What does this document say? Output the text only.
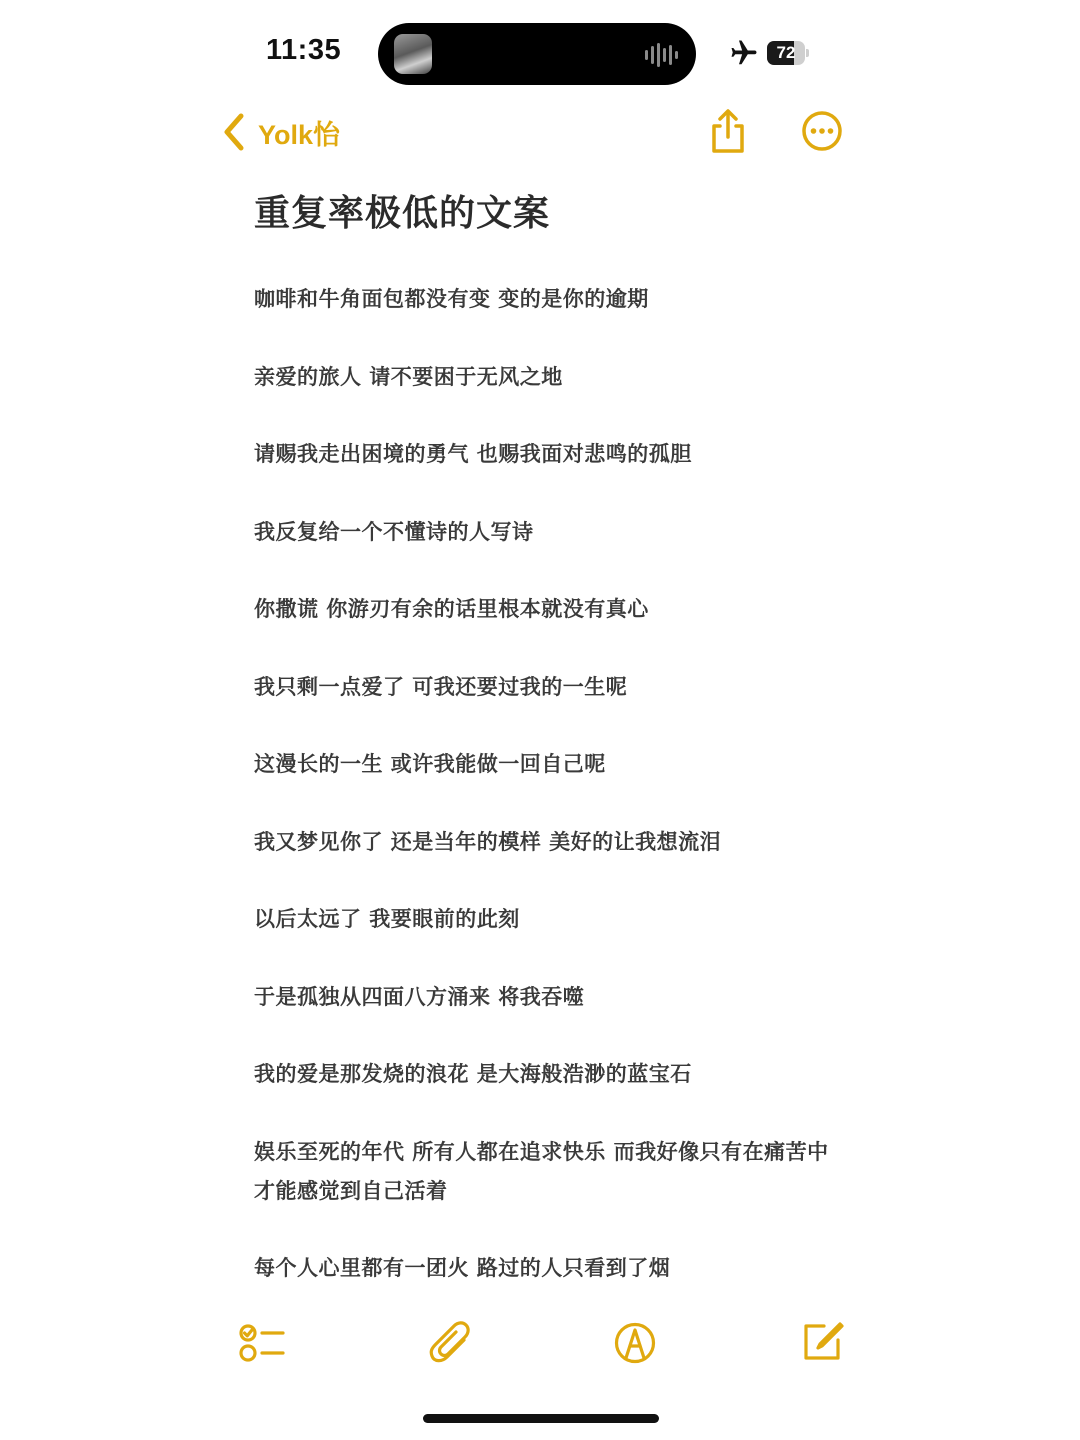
11:35	72
Yolk怡
重复率极低的文案

咖啡和牛角面包都没有变 变的是你的逾期

亲爱的旅人 请不要困于无风之地

请赐我走出困境的勇气 也赐我面对悲鸣的孤胆

我反复给一个不懂诗的人写诗

你撒谎 你游刃有余的话里根本就没有真心

我只剩一点爱了 可我还要过我的一生呢

这漫长的一生 或许我能做一回自己呢

我又梦见你了 还是当年的模样 美好的让我想流泪

以后太远了 我要眼前的此刻

于是孤独从四面八方涌来 将我吞噬

我的爱是那发烧的浪花 是大海般浩渺的蓝宝石

娱乐至死的年代 所有人都在追求快乐 而我好像只有在痛苦中才能感觉到自己活着

每个人心里都有一团火 路过的人只看到了烟
